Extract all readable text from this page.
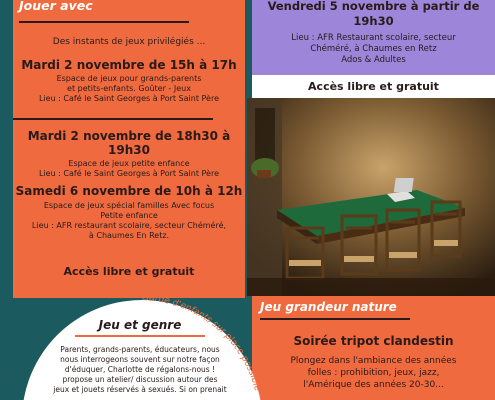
Jouer avec
Des instants de jeux privilégiés ...
Mardi 2 novembre de 15h à 17h
Espace de jeux pour grands-parents
et petits-enfants. Goûter - Jeux
Lieu : Café le Saint Georges à Port Saint Père
Mardi 2 novembre de 18h30 à 19h30
Espace de jeux petite enfance
Lieu : Café le Saint Georges à Port Saint Père
Samedi 6 novembre de 10h à 12h
Espace de jeux spécial familles Avec focus
Petite enfance
Lieu : AFR restaurant scolaire, secteur Chéméré,
à Chaumes En Retz.
Accès libre et gratuit
Vendredi 5 novembre à partir de
19h30
Lieu : AFR Restaurant scolaire, secteur
Chéméré, à Chaumes en Retz
Ados & Adultes
Accès libre et gratuit
Jeu grandeur nature
Soirée tripot clandestin
Plongez dans l'ambiance des années
folles : prohibition, jeux, jazz,
l'Amérique des années 20-30...
Garde d'enfants sur place possible
Jeu et genre
Parents, grands-parents, éducateurs, nous
nous interrogeons souvent sur notre façon
d'éduquer, Charlotte de régalons-nous !
propose un atelier/ discussion autour des
jeux et jouets réservés à sexués. Si on prenait
